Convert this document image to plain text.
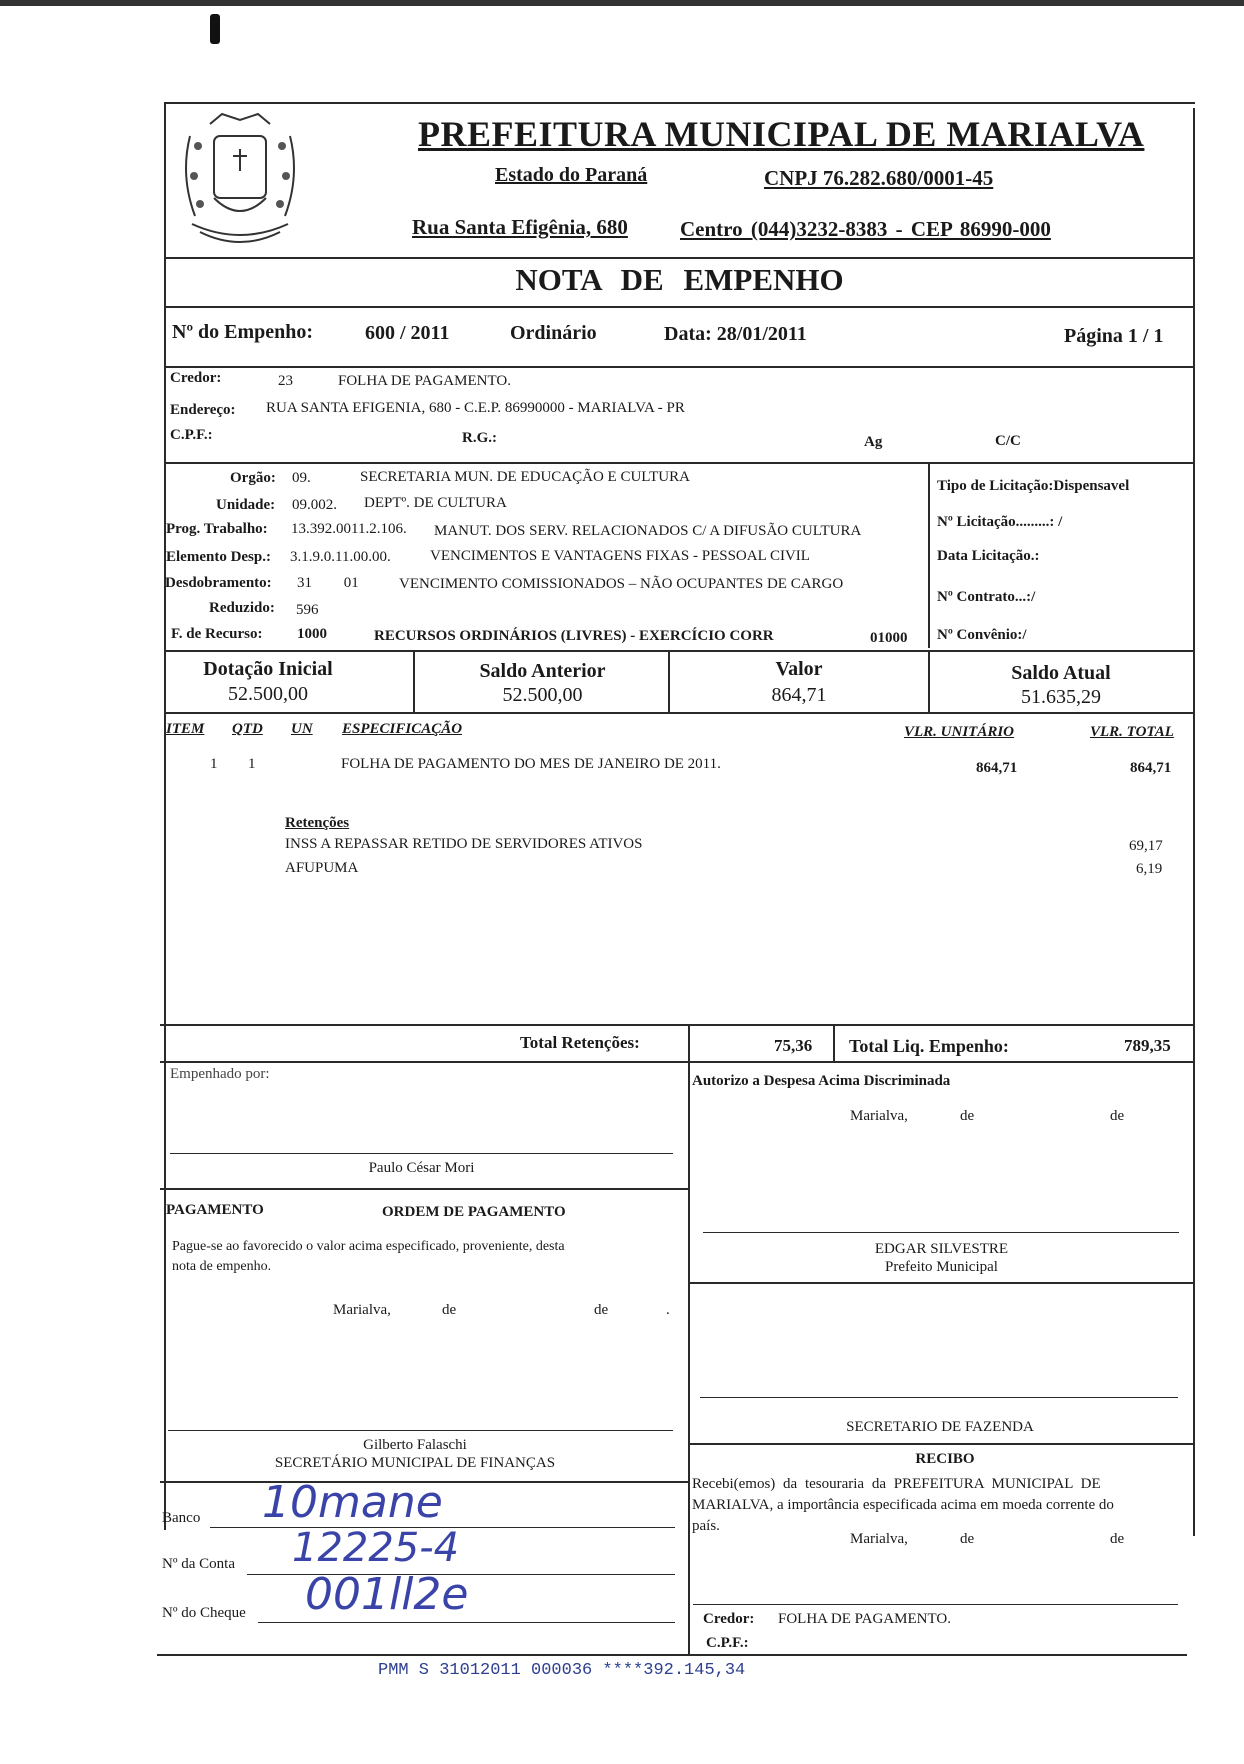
PREFEITURA MUNICIPAL DE MARIALVA
Estado do Paraná	CNPJ 76.282.680/0001-45
Rua Santa Efigênia, 680 Centro (044)3232-8383 - CEP 86990-000
NOTA DE EMPENHO
Nº do Empenho:	600 / 2011	Ordinário	Data: 28/01/2011	Página 1 / 1
Credor:	23	FOLHA DE PAGAMENTO.
Endereço: RUA SANTA EFIGENIA, 680 - C.E.P. 86990000 - MARIALVA - PR
C.P.F.:	R.G.:	Ag	C/C
Orgão: 09.	SECRETARIA MUN. DE EDUCAÇÃO E CULTURA
Unidade: 09.002. DEPTº. DE CULTURA
Prog. Trabalho: 13.392.0011.2.106. MANUT. DOS SERV. RELACIONADOS C/ A DIFUSÃO CULTURA
Elemento Desp.: 3.1.9.0.11.00.00.	VENCIMENTOS E VANTAGENS FIXAS - PESSOAL CIVIL
Desdobramento: 31 01	VENCIMENTO COMISSIONADOS – NÃO OCUPANTES DE CARGO
Reduzido: 596
F. de Recurso: 1000	RECURSOS ORDINÁRIOS (LIVRES) - EXERCÍCIO CORR	01000
Tipo de Licitação:Dispensavel
Nº Licitação.........: /
Data Licitação.:
Nº Contrato...:/
Nº Convênio:/
Dotação Inicial
52.500,00
Saldo Anterior
52.500,00
Valor
864,71
Saldo Atual
51.635,29
ITEM QTD UN ESPECIFICAÇÃO	VLR. UNITÁRIO	VLR. TOTAL
1 1	FOLHA DE PAGAMENTO DO MES DE JANEIRO DE 2011.	864,71	864,71
Retenções
INSS A REPASSAR RETIDO DE SERVIDORES ATIVOS	69,17
AFUPUMA	6,19
Total Retenções:	75,36 Total Liq. Empenho:	789,35
Empenhado por:
Paulo César Mori
Autorizo a Despesa Acima Discriminada
Marialva,	de	de
EDGAR SILVESTRE
Prefeito Municipal
PAGAMENTO	ORDEM DE PAGAMENTO
Pague-se ao favorecido o valor acima especificado, proveniente, desta
nota de empenho.
Marialva,	de	de	.
Gilberto Falaschi
SECRETÁRIO MUNICIPAL DE FINANÇAS
SECRETARIO DE FAZENDA
RECIBO
Recebi(emos) da tesouraria da PREFEITURA MUNICIPAL DE
MARIALVA, a importância especificada acima em moeda corrente do
país.
Marialva,	de	de
Credor: FOLHA DE PAGAMENTO.
C.P.F.:
Banco 10mane
Nº da Conta 12225-4
Nº do Cheque 001ll2e
PMM S 31012011 000036 ****392.145,34
